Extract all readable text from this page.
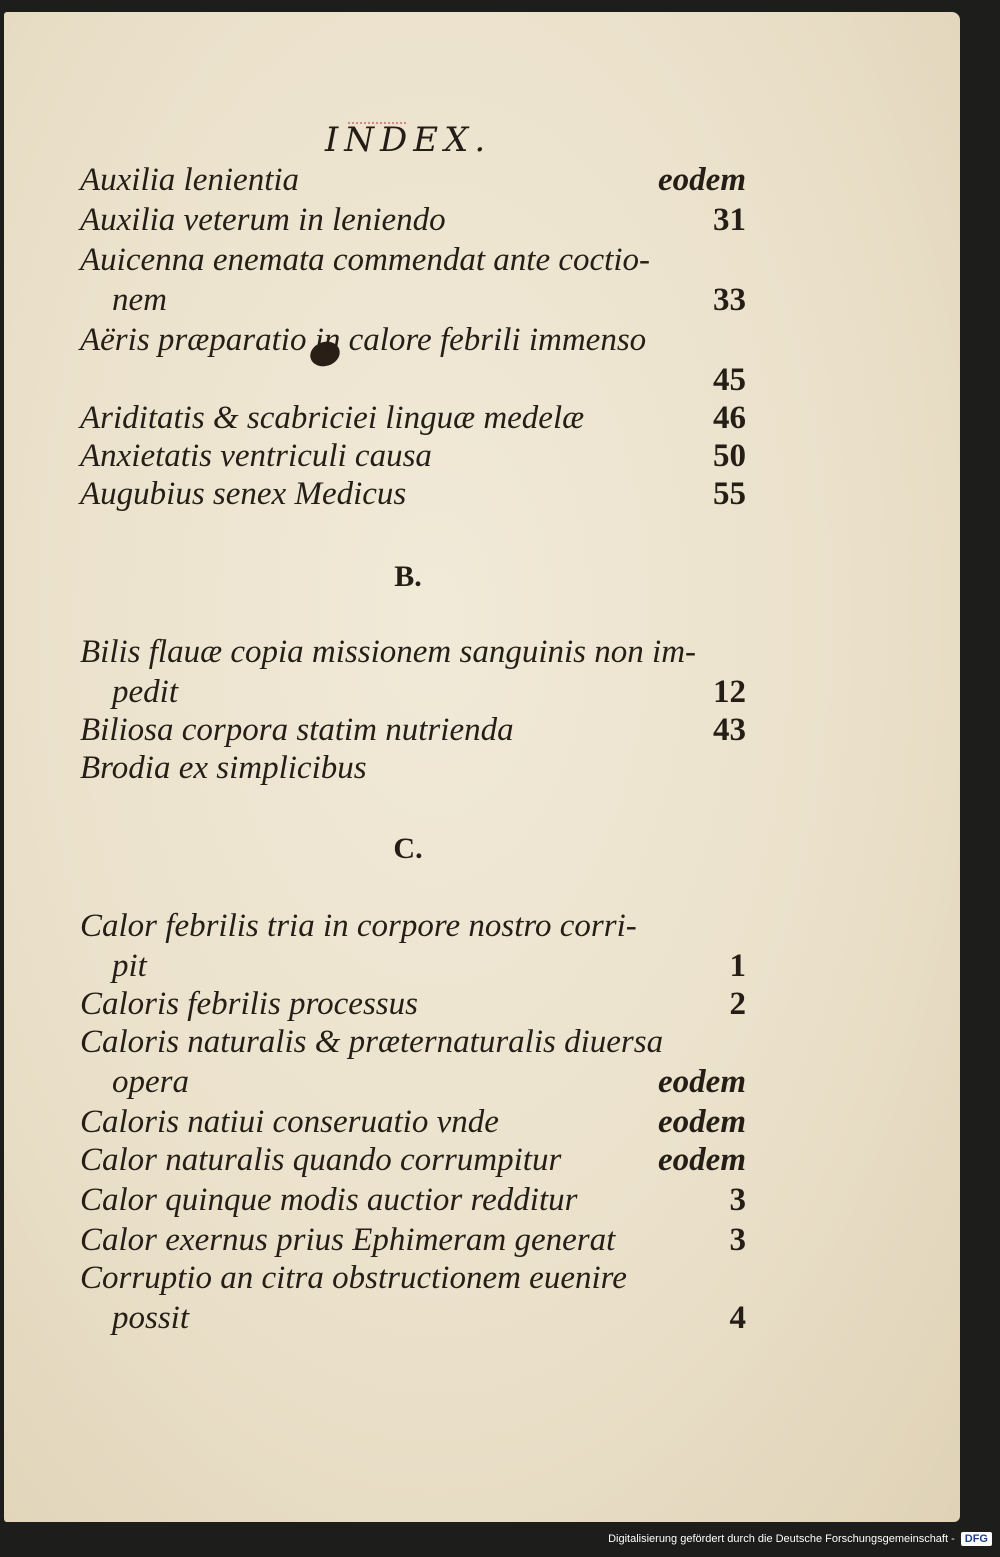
INDEX.
Auxilia lenientia	eodem
Auxilia veterum in leniendo	31
Auicenna enemata commendat ante coctio-
nem	33
Aëris præparatio in calore febrili immenso
45
Ariditatis & scabriciei linguæ medelæ	46
Anxietatis ventriculi causa	50
Augubius senex Medicus	55
B.
Bilis flauæ copia missionem sanguinis non im-
pedit	12
Biliosa corpora statim nutrienda	43
Brodia ex simplicibus
C.
Calor febrilis tria in corpore nostro corri-
pit	1
Caloris febrilis processus	2
Caloris naturalis & præternaturalis diuersa
opera	eodem
Caloris natiui conseruatio vnde	eodem
Calor naturalis quando corrumpitur	eodem
Calor quinque modis auctior redditur	3
Calor exernus prius Ephimeram generat	3
Corruptio an citra obstructionem euenire
possit	4
Digitalisierung gefördert durch die Deutsche Forschungsgemeinschaft - DFG
